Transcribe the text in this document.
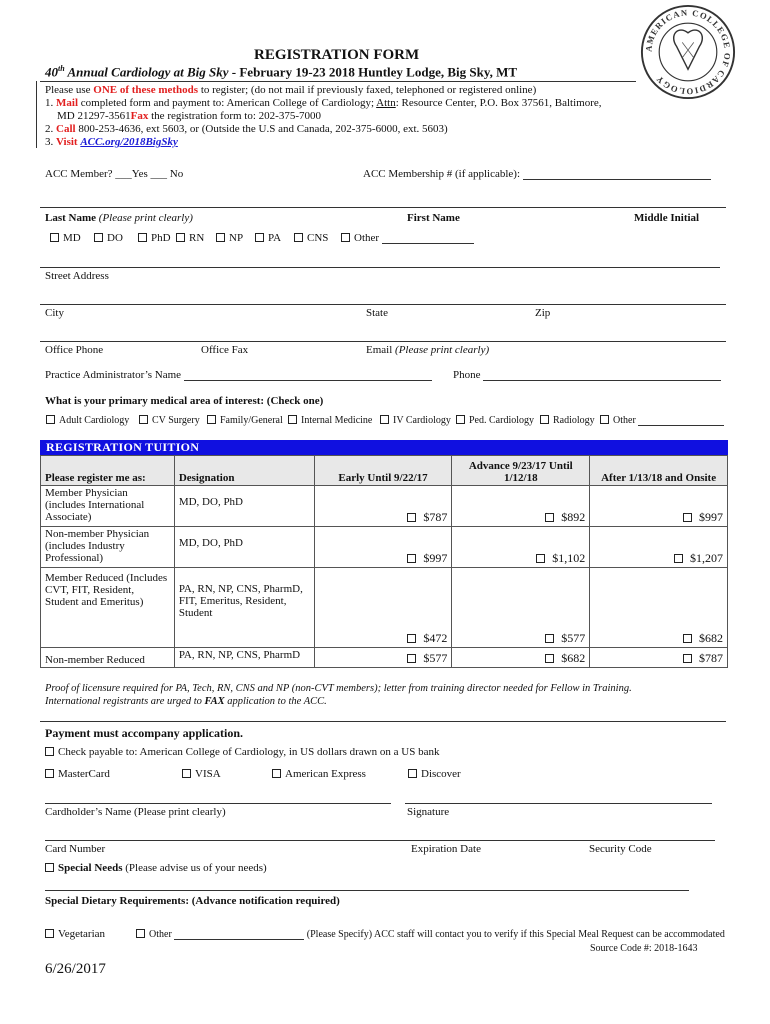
REGISTRATION FORM
40th Annual Cardiology at Big Sky - February 19-23 2018 Huntley Lodge, Big Sky, MT
AMERICAN COLLEGE OF CARDIOLOGY
Please use ONE of these methods to register; (do not mail if previously faxed, telephoned or registered online)
1. Mail completed form and payment to: American College of Cardiology; Attn: Resource Center, P.O. Box 37561, Baltimore,
MD 21297-3561Fax the registration form to: 202-375-7000
2. Call 800-253-4636, ext 5603, or (Outside the U.S and Canada, 202-375-6000, ext. 5603)
3. Visit ACC.org/2018BigSky
ACC Member? ___Yes ___ No	ACC Membership # (if applicable):
Last Name (Please print clearly)	First Name	Middle Initial
MD	DO	PhD	RN	NP	PA	CNS	Other
Street Address
City	State	Zip
Office Phone	Office Fax	Email (Please print clearly)
Practice Administrator’s Name	Phone
What is your primary medical area of interest: (Check one)
Adult Cardiology	CV Surgery	Family/General	Internal Medicine	IV Cardiology	Ped. Cardiology	Radiology	Other
REGISTRATION TUITION
Please register me as:	Designation	Early Until 9/22/17	Advance 9/23/17 Until 1/12/18	After 1/13/18 and Onsite
Member Physician (includes International Associate)	MD, DO, PhD	$787	$892	$997
Non-member Physician (includes Industry Professional)	MD, DO, PhD	$997	$1,102	$1,207
Member Reduced (Includes CVT, FIT, Resident, Student and Emeritus)	PA, RN, NP, CNS, PharmD, FIT, Emeritus, Resident, Student	$472	$577	$682
Non-member Reduced	PA, RN, NP, CNS, PharmD	$577	$682	$787
Proof of licensure required for PA, Tech, RN, CNS and NP (non-CVT members); letter from training director needed for Fellow in Training.
International registrants are urged to FAX application to the ACC.
Payment must accompany application.
Check payable to: American College of Cardiology, in US dollars drawn on a US bank
MasterCard	VISA	American Express	Discover
Cardholder’s Name (Please print clearly)	Signature
Card Number	Expiration Date	Security Code
Special Needs (Please advise us of your needs)
Special Dietary Requirements: (Advance notification required)
Vegetarian	Other	(Please Specify) ACC staff will contact you to verify if this Special Meal Request can be accommodated
Source Code #: 2018-1643
6/26/2017
